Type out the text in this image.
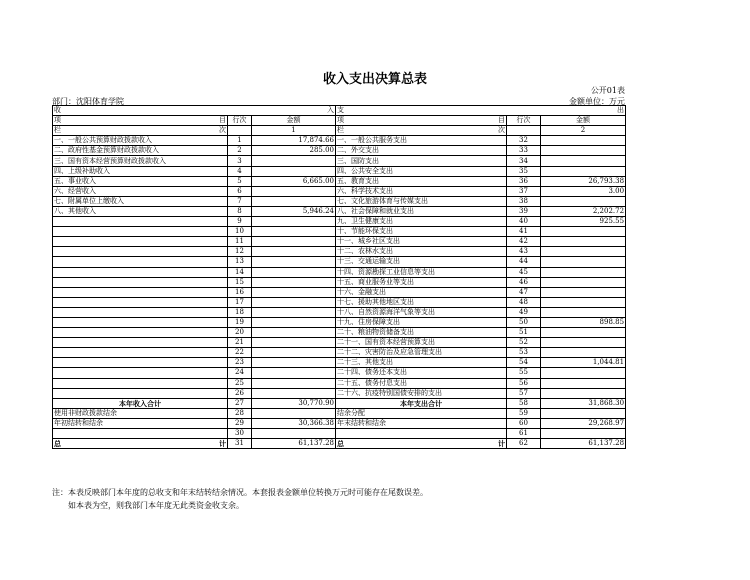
收入支出决算总表
公开01表
部门：沈阳体育学院	金额单位：万元
收 入			支 出		

项 目	行次	金额	项 目	行次	金额
栏 次		1	栏 次		2
一、一般公共预算财政拨款收入	1	17,874.66	一、一般公共服务支出	32	
二、政府性基金预算财政拨款收入	2	285.00	二、外交支出	33	
三、国有资本经营预算财政拨款收入	3		三、国防支出	34	
四、上级补助收入	4		四、公共安全支出	35	
五、事业收入	5	6,665.00	五、教育支出	36	26,793.38
六、经营收入	6		六、科学技术支出	37	3.00
七、附属单位上缴收入	7		七、文化旅游体育与传媒支出	38	
八、其他收入	8	5,946.24	八、社会保障和就业支出	39	2,202.72
	9		九、卫生健康支出	40	925.55
	10		十、节能环保支出	41	
	11		十一、城乡社区支出	42	
	12		十二、农林水支出	43	
	13		十三、交通运输支出	44	
	14		十四、资源勘探工业信息等支出	45	
	15		十五、商业服务业等支出	46	
	16		十六、金融支出	47	
	17		十七、援助其他地区支出	48	
	18		十八、自然资源海洋气象等支出	49	
	19		十九、住房保障支出	50	898.85
	20		二十、粮油物资储备支出	51	
	21		二十一、国有资本经营预算支出	52	
	22		二十二、灾害防治及应急管理支出	53	
	23		二十三、其他支出	54	1,044.81
	24		二十四、债务还本支出	55	
	25		二十五、债务付息支出	56	
	26		二十六、抗疫特别国债安排的支出	57	
本年收入合计	27	30,770.90	本年支出合计	58	31,868.30
使用非财政拨款结余	28		结余分配	59	
年初结转和结余	29	30,366.38	年末结转和结余	60	29,268.97
	30			61	
总 计	31	61,137.28	总 计	62	61,137.28
注：本表反映部门本年度的总收支和年末结转结余情况。本套报表金额单位转换万元时可能存在尾数误差。
如本表为空，则我部门本年度无此类资金收支余。
